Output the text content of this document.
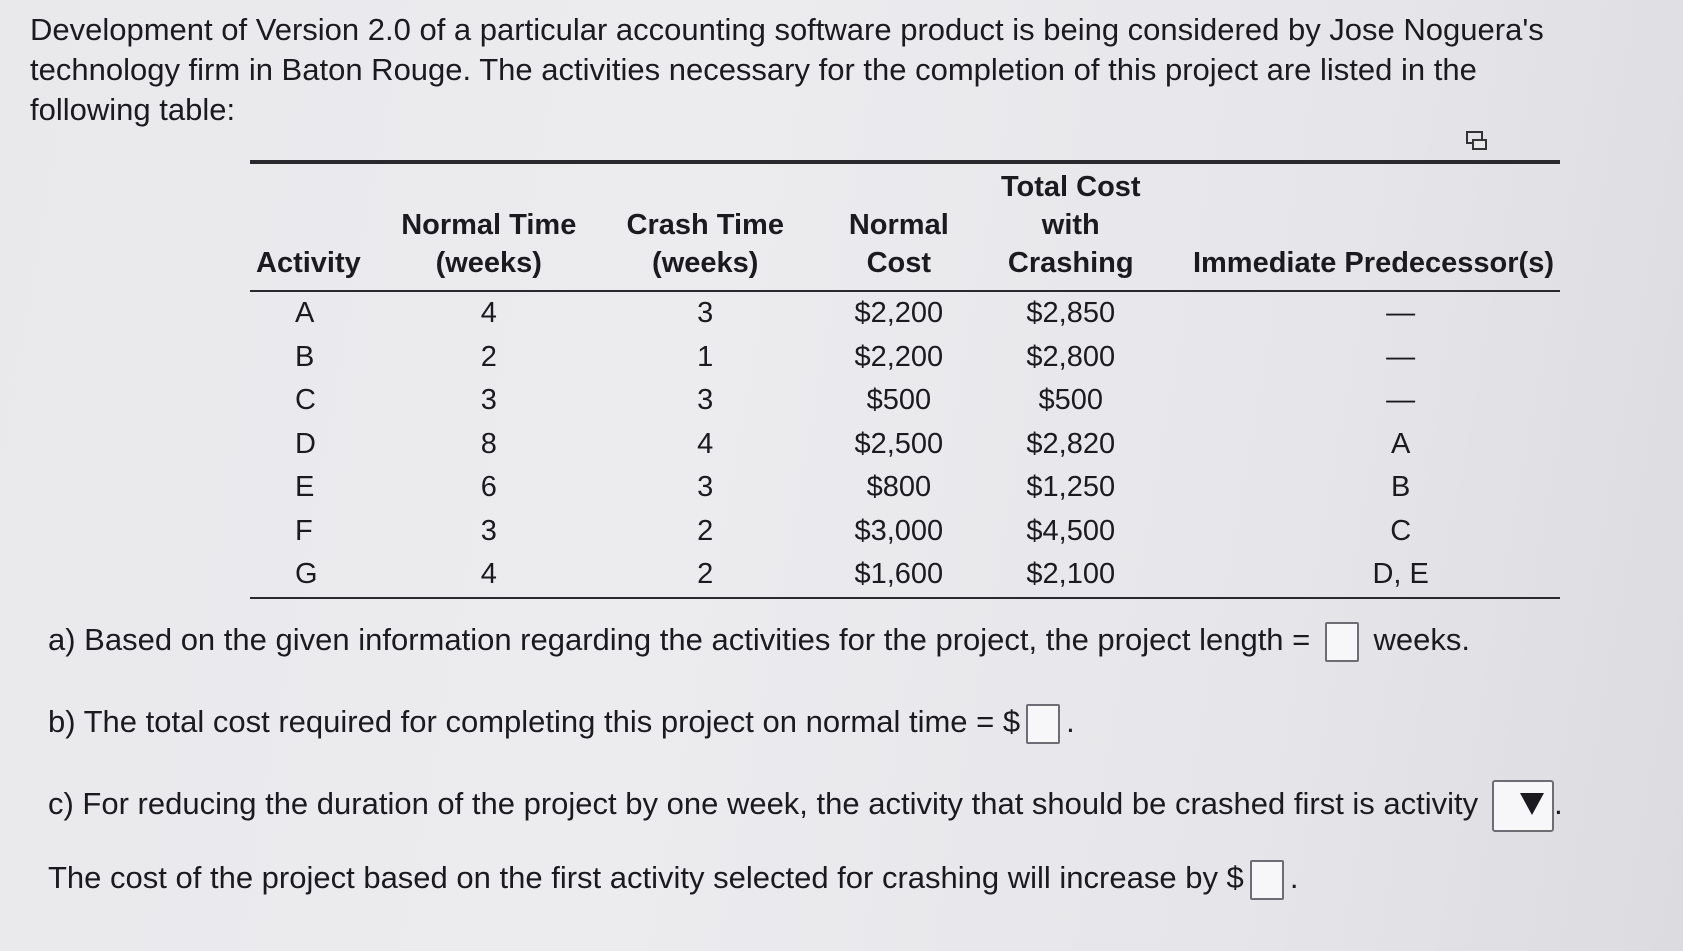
Development of Version 2.0 of a particular accounting software product is being considered by Jose Noguera's technology firm in Baton Rouge. The activities necessary for the completion of this project are listed in the following table:

Activity	Normal Time (weeks)	Crash Time (weeks)	Normal Cost	Total Cost with Crashing	Immediate Predecessor(s)
A	4	3	$2,200	$2,850	—
B	2	1	$2,200	$2,800	—
C	3	3	$500	$500	—
D	8	4	$2,500	$2,820	A
E	6	3	$800	$1,250	B
F	3	2	$3,000	$4,500	C
G	4	2	$1,600	$2,100	D, E
a) Based on the given information regarding the activities for the project, the project length = weeks.
b) The total cost required for completing this project on normal time = $ .
c) For reducing the duration of the project by one week, the activity that should be crashed first is activity .
The cost of the project based on the first activity selected for crashing will increase by $ .
